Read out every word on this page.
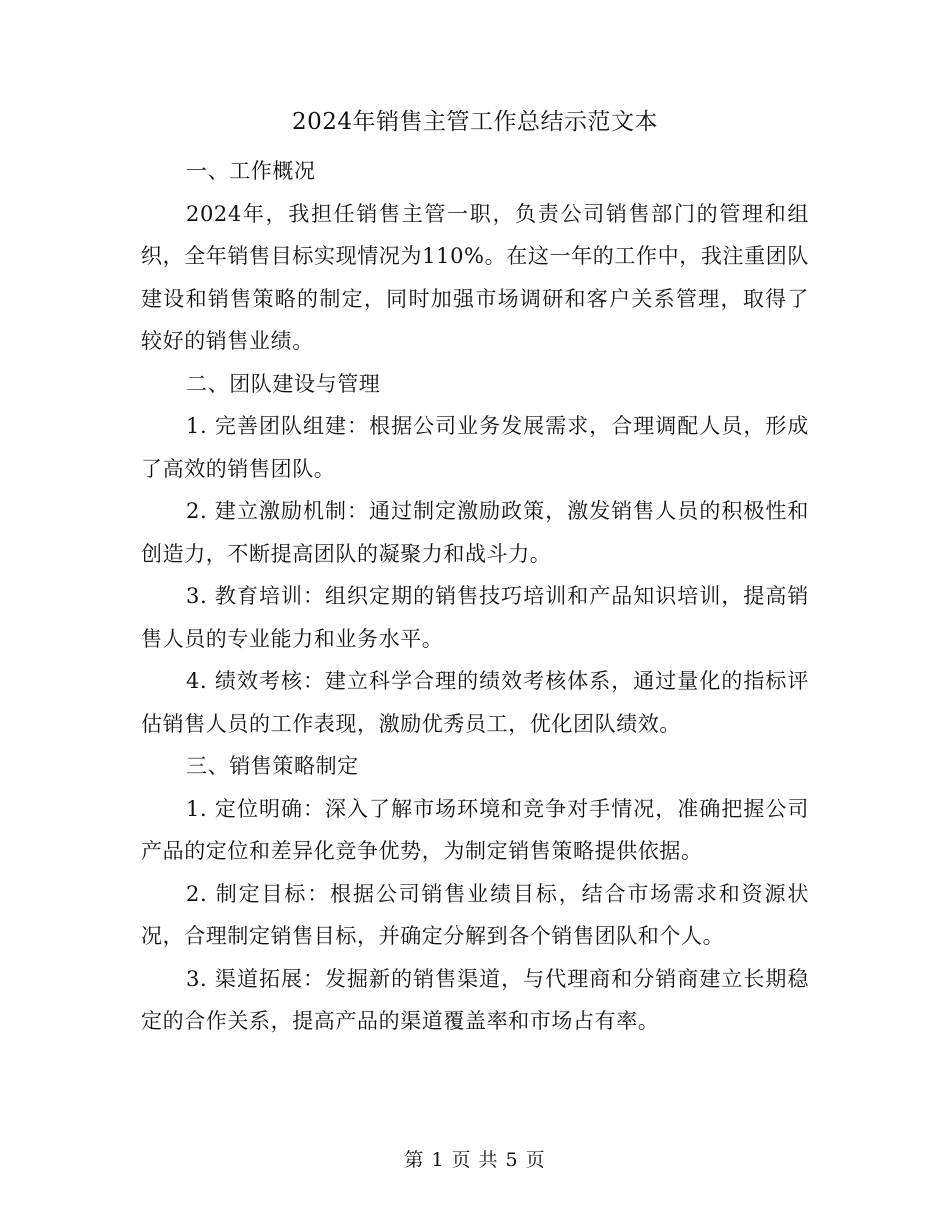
2024年销售主管工作总结示范文本

一、工作概况

2024年，我担任销售主管一职，负责公司销售部门的管理和组织，全年销售目标实现情况为110%。在这一年的工作中，我注重团队建设和销售策略的制定，同时加强市场调研和客户关系管理，取得了较好的销售业绩。

二、团队建设与管理

1. 完善团队组建：根据公司业务发展需求，合理调配人员，形成了高效的销售团队。

2. 建立激励机制：通过制定激励政策，激发销售人员的积极性和创造力，不断提高团队的凝聚力和战斗力。

3. 教育培训：组织定期的销售技巧培训和产品知识培训，提高销售人员的专业能力和业务水平。

4. 绩效考核：建立科学合理的绩效考核体系，通过量化的指标评估销售人员的工作表现，激励优秀员工，优化团队绩效。

三、销售策略制定

1. 定位明确：深入了解市场环境和竞争对手情况，准确把握公司产品的定位和差异化竞争优势，为制定销售策略提供依据。

2. 制定目标：根据公司销售业绩目标，结合市场需求和资源状况，合理制定销售目标，并确定分解到各个销售团队和个人。

3. 渠道拓展：发掘新的销售渠道，与代理商和分销商建立长期稳定的合作关系，提高产品的渠道覆盖率和市场占有率。

第 1 页 共 5 页
